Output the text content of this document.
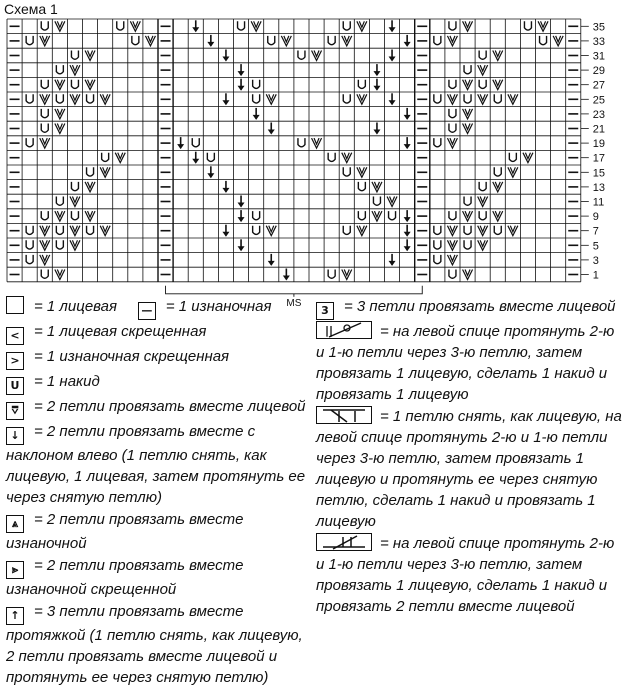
Схема 1
35
33
31
29
27
25
23
21
19
17
15
13
11
9
7
5
3
1
MS
= 1 лицевая — = 1 изнаночная
< = 1 лицевая скрещенная
> = 1 изнаночная скрещенная
U = 1 накид
⩢ = 2 петли провязать вместе лицевой
↓ = 2 петли провязать вместе с наклоном влево (1 петлю снять, как лицевую, 1 лицевая, затем протянуть ее через снятую петлю)
⩓ = 2 петли провязать вместе изнаночной
⪢ = 2 петли провязать вместе изнаночной скрещенной
↑ = 3 петли провязать вместе протяжкой (1 петлю снять, как лицевую, 2 петли провязать вместе лицевой и протянуть ее через снятую петлю)
3 = 3 петли провязать вместе лицевой
||	= на левой спице протянуть 2-ю и 1-ю петли через 3-ю петлю, затем провязать 1 лицевую, сделать 1 накид и провязать 1 лицевую
= 1 петлю снять, как лицевую, на левой спице протянуть 2-ю и 1-ю петли через 3-ю петлю, затем провязать 1 лицевую и протянуть ее через снятую петлю, сделать 1 накид и провязать 1 лицевую
= на левой спице протянуть 2-ю и 1-ю петли через 3-ю петлю, затем провязать 1 лицевую, сделать 1 накид и провязать 2 петли вместе лицевой
